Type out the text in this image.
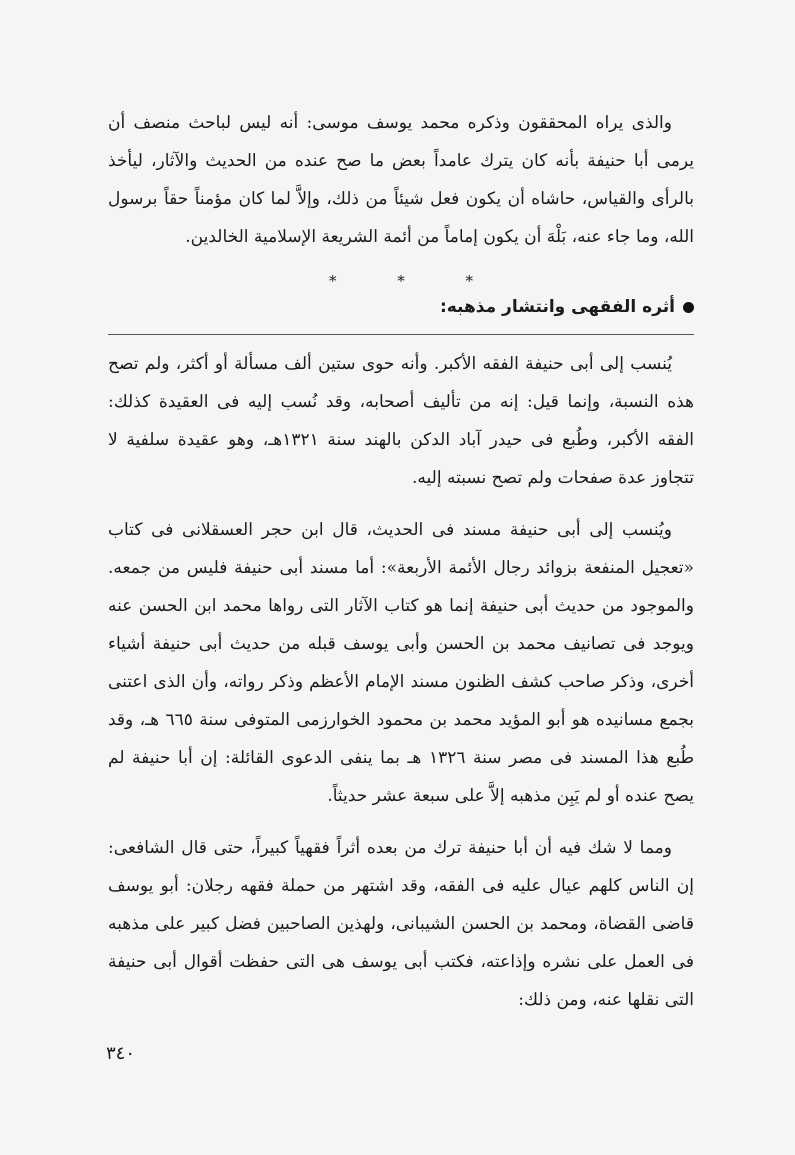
والذى يراه المحققون وذكره محمد يوسف موسى: أنه ليس لباحث منصف أن يرمى أبا حنيفة بأنه كان يترك عامداً بعض ما صح عنده من الحديث والآثار، ليأخذ بالرأى والقياس، حاشاه أن يكون فعل شيئاً من ذلك، وإلاَّ لما كان مؤمناً حقاً برسول الله، وما جاء عنه، بَلْهَ أن يكون إماماً من أئمة الشريعة الإسلامية الخالدين.

* * *
أثره الفقهى وانتشار مذهبه:

يُنسب إلى أبى حنيفة الفقه الأكبر. وأنه حوى ستين ألف مسألة أو أكثر، ولم تصح هذه النسبة، وإنما قيل: إنه من تأليف أصحابه، وقد نُسب إليه فى العقيدة كذلك: الفقه الأكبر، وطُبع فى حيدر آباد الدكن بالهند سنة ١٣٢١هـ، وهو عقيدة سلفية لا تتجاوز عدة صفحات ولم تصح نسبته إليه.

ويُنسب إلى أبى حنيفة مسند فى الحديث، قال ابن حجر العسقلانى فى كتاب «تعجيل المنفعة بزوائد رجال الأئمة الأربعة»: أما مسند أبى حنيفة فليس من جمعه. والموجود من حديث أبى حنيفة إنما هو كتاب الآثار التى رواها محمد ابن الحسن عنه ويوجد فى تصانيف محمد بن الحسن وأبى يوسف قبله من حديث أبى حنيفة أشياء أخرى، وذكر صاحب كشف الظنون مسند الإمام الأعظم وذكر رواته، وأن الذى اعتنى بجمع مسانيده هو أبو المؤيد محمد بن محمود الخوارزمى المتوفى سنة ٦٦٥ هـ، وقد طُبع هذا المسند فى مصر سنة ١٣٢٦ هـ بما ينفى الدعوى القائلة: إن أبا حنيفة لم يصح عنده أو لم يَبِن مذهبه إلاَّ على سبعة عشر حديثاً.

ومما لا شك فيه أن أبا حنيفة ترك من بعده أثراً فقهياً كبيراً، حتى قال الشافعى: إن الناس كلهم عيال عليه فى الفقه، وقد اشتهر من حملة فقهه رجلان: أبو يوسف قاضى القضاة، ومحمد بن الحسن الشيبانى، ولهذين الصاحبين فضل كبير على مذهبه فى العمل على نشره وإذاعته، فكتب أبى يوسف هى التى حفظت أقوال أبى حنيفة التى نقلها عنه، ومن ذلك:

٣٤٠
